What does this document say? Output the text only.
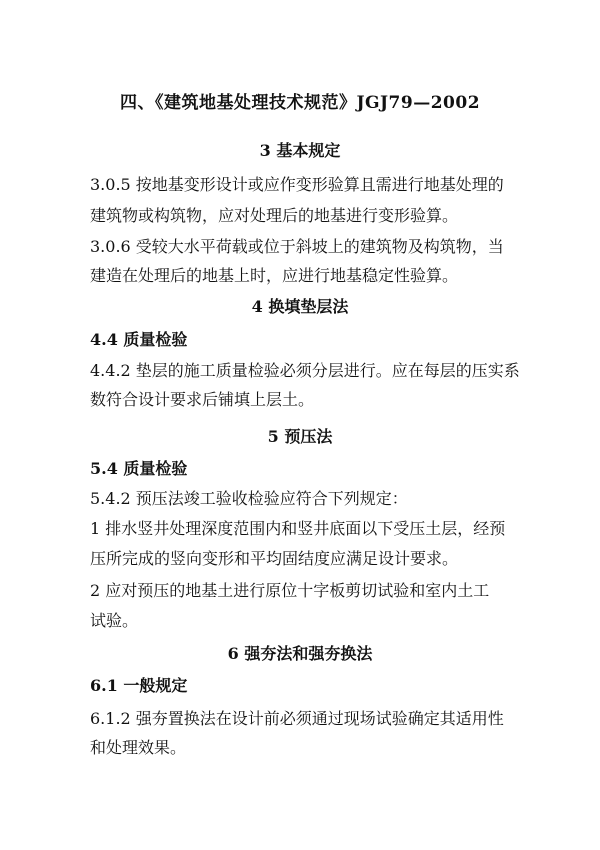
四、《建筑地基处理技术规范》JGJ79—2002
3 基本规定
3.0.5 按地基变形设计或应作变形验算且需进行地基处理的
建筑物或构筑物，应对处理后的地基进行变形验算。
3.0.6 受较大水平荷载或位于斜坡上的建筑物及构筑物，当
建造在处理后的地基上时，应进行地基稳定性验算。
4 换填垫层法
4.4 质量检验
4.4.2 垫层的施工质量检验必须分层进行。应在每层的压实系
数符合设计要求后铺填上层土。
5 预压法
5.4 质量检验
5.4.2 预压法竣工验收检验应符合下列规定：
1 排水竖井处理深度范围内和竖井底面以下受压土层，经预
压所完成的竖向变形和平均固结度应满足设计要求。
2 应对预压的地基土进行原位十字板剪切试验和室内土工
试验。
6 强夯法和强夯换法
6.1 一般规定
6.1.2 强夯置换法在设计前必须通过现场试验确定其适用性
和处理效果。
